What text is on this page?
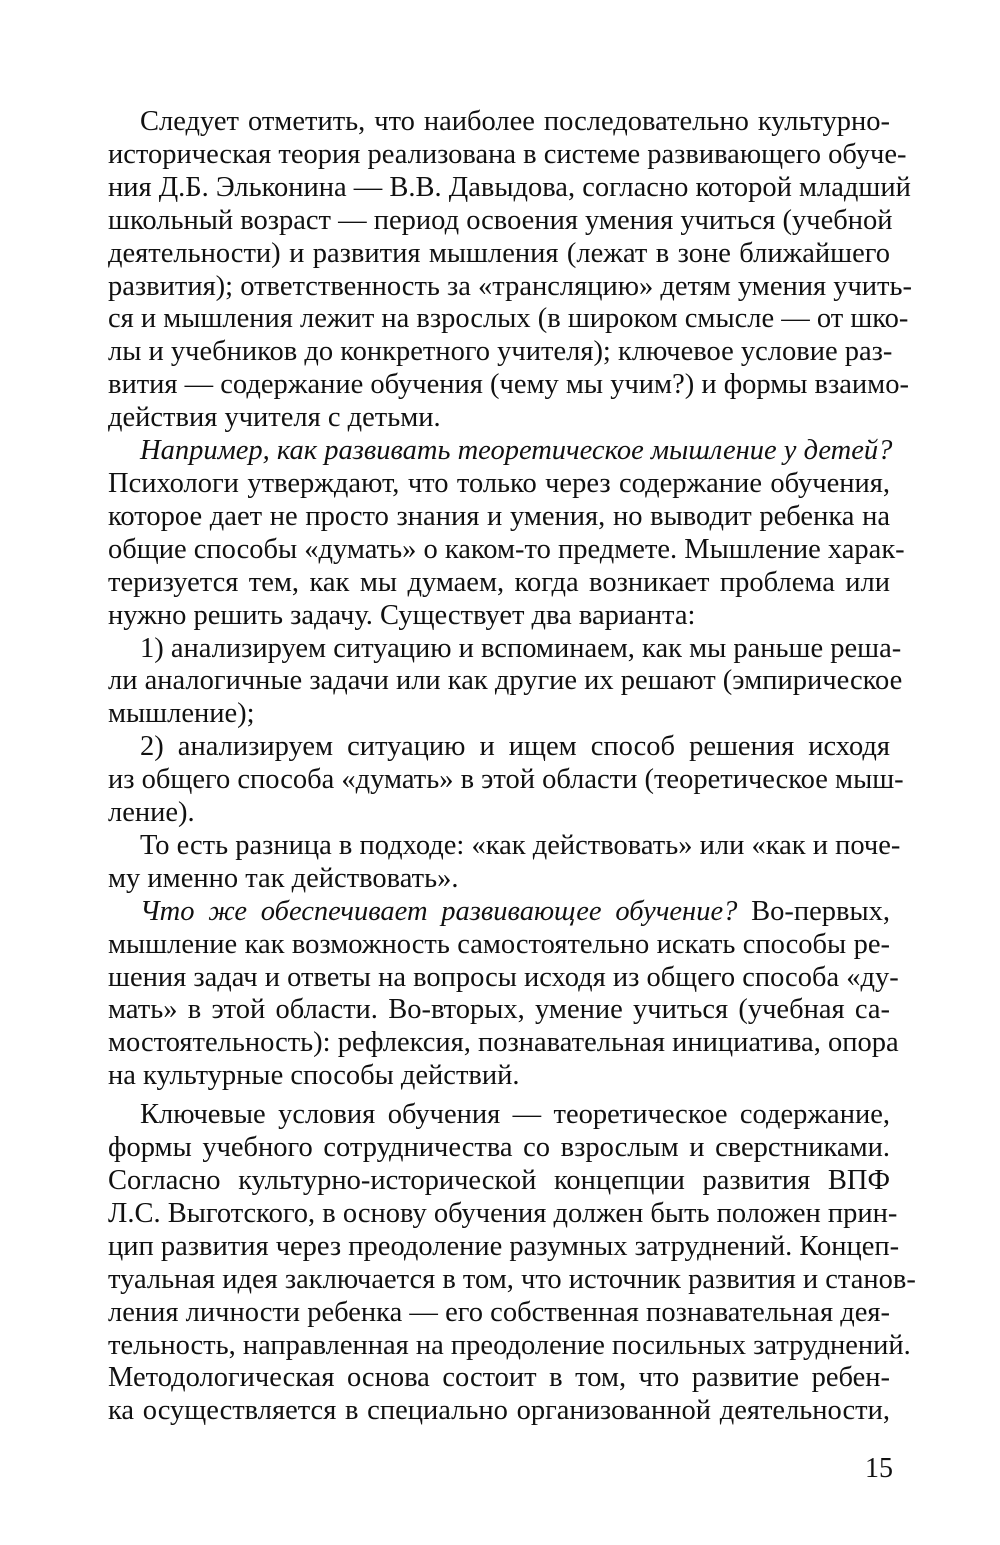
Следует отметить, что наиболее последовательно культурно-
историческая теория реализована в системе развивающего обуче-
ния Д.Б. Эльконина — В.В. Давыдова, согласно которой младший
школьный возраст — период освоения умения учиться (учебной
деятельности) и развития мышления (лежат в зоне ближайшего
развития); ответственность за «трансляцию» детям умения учить-
ся и мышления лежит на взрослых (в широком смысле — от шко-
лы и учебников до конкретного учителя); ключевое условие раз-
вития — содержание обучения (чему мы учим?) и формы взаимо-
действия учителя с детьми.

Например, как развивать теоретическое мышление у детей?
Психологи утверждают, что только через содержание обучения,
которое дает не просто знания и умения, но выводит ребенка на
общие способы «думать» о каком-то предмете. Мышление харак-
теризуется тем, как мы думаем, когда возникает проблема или
нужно решить задачу. Существует два варианта:

1) анализируем ситуацию и вспоминаем, как мы раньше реша-
ли аналогичные задачи или как другие их решают (эмпирическое
мышление);

2) анализируем ситуацию и ищем способ решения исходя
из общего способа «думать» в этой области (теоретическое мыш-
ление).

То есть разница в подходе: «как действовать» или «как и поче-
му именно так действовать».

Что же обеспечивает развивающее обучение? Во-первых,
мышление как возможность самостоятельно искать способы ре-
шения задач и ответы на вопросы исходя из общего способа «ду-
мать» в этой области. Во-вторых, умение учиться (учебная са-
мостоятельность): рефлексия, познавательная инициатива, опора
на культурные способы действий.

Ключевые условия обучения — теоретическое содержание,
формы учебного сотрудничества со взрослым и сверстниками.
Согласно культурно-исторической концепции развития ВПФ
Л.С. Выготского, в основу обучения должен быть положен прин-
цип развития через преодоление разумных затруднений. Концеп-
туальная идея заключается в том, что источник развития и станов-
ления личности ребенка — его собственная познавательная дея-
тельность, направленная на преодоление посильных затруднений.
Методологическая основа состоит в том, что развитие ребен-
ка осуществляется в специально организованной деятельности,

15
